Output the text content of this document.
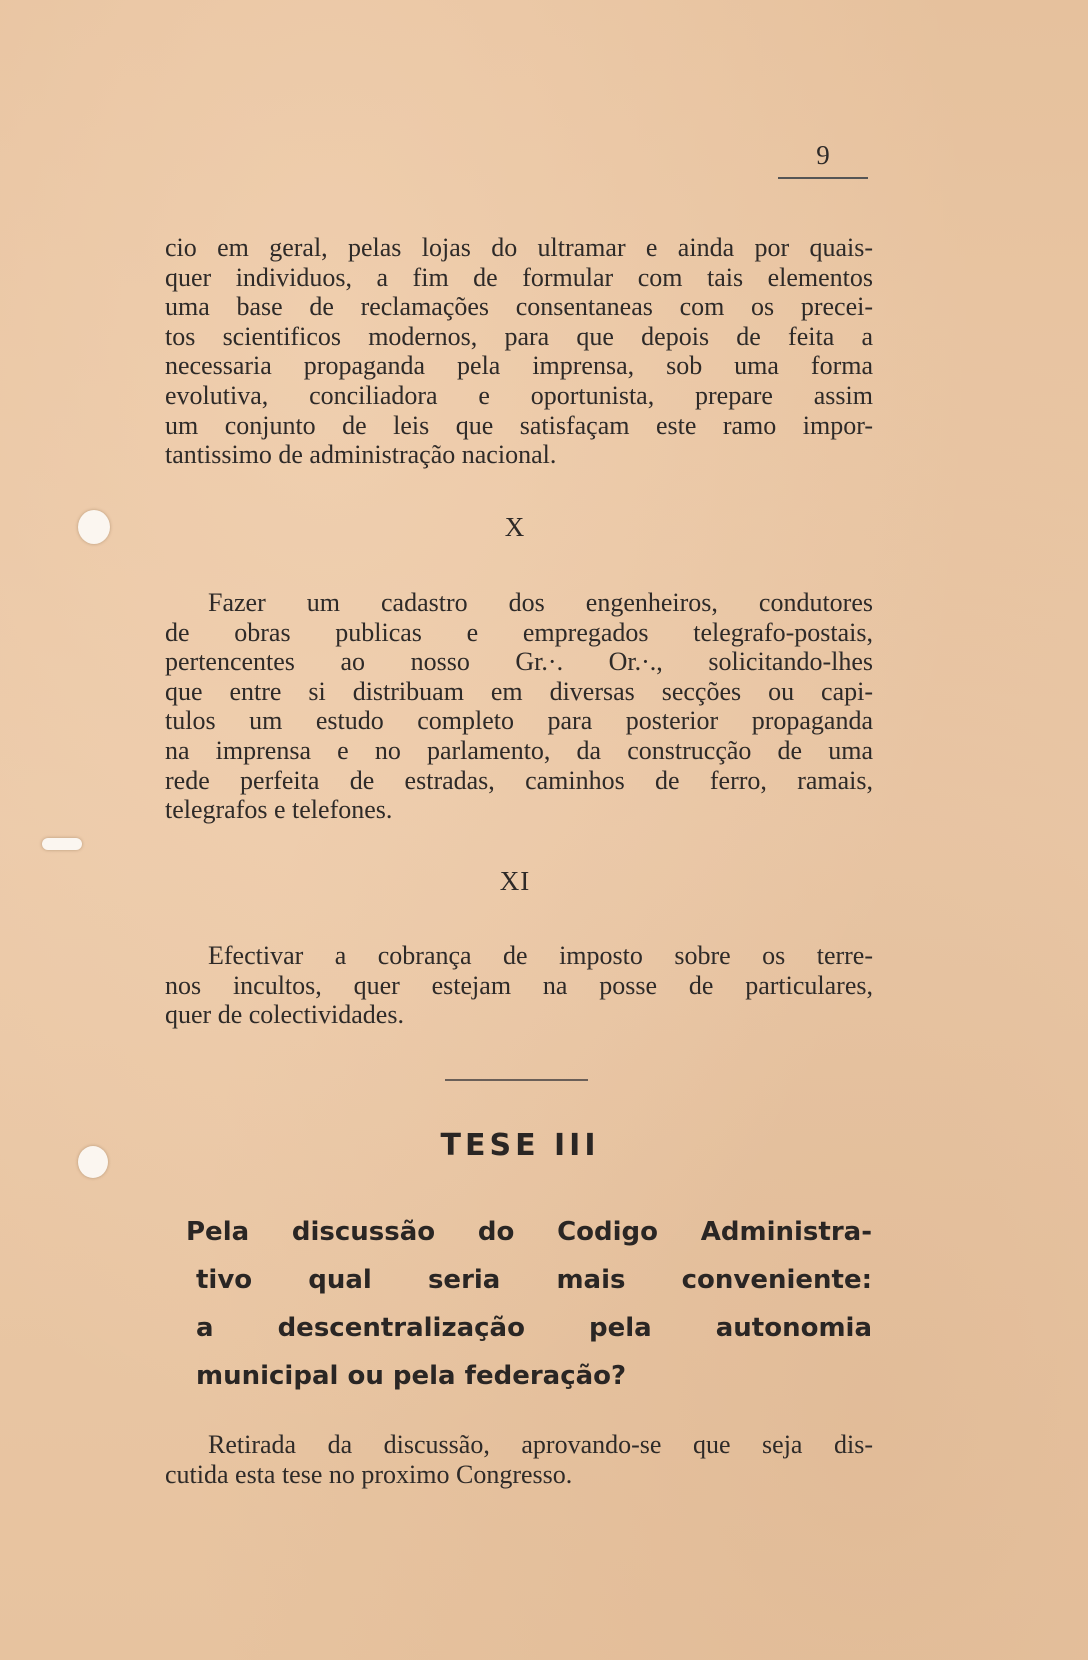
9
cio em geral, pelas lojas do ultramar e ainda por quais-
quer individuos, a fim de formular com tais elementos
uma base de reclamações consentaneas com os precei-
tos scientificos modernos, para que depois de feita a
necessaria propaganda pela imprensa, sob uma forma
evolutiva, conciliadora e oportunista, prepare assim
um conjunto de leis que satisfaçam este ramo impor-
tantissimo de administração nacional.
X
Fazer um cadastro dos engenheiros, condutores
de obras publicas e empregados telegrafo-postais,
pertencentes ao nosso Gr.·. Or.·., solicitando-lhes
que entre si distribuam em diversas secções ou capi-
tulos um estudo completo para posterior propaganda
na imprensa e no parlamento, da construcção de uma
rede perfeita de estradas, caminhos de ferro, ramais,
telegrafos e telefones.
XI
Efectivar a cobrança de imposto sobre os terre-
nos incultos, quer estejam na posse de particulares,
quer de colectividades.
TESE III
Pela discussão do Codigo Administra-
tivo qual seria mais conveniente:
a descentralização pela autonomia
municipal ou pela federação?
Retirada da discussão, aprovando-se que seja dis-
cutida esta tese no proximo Congresso.
